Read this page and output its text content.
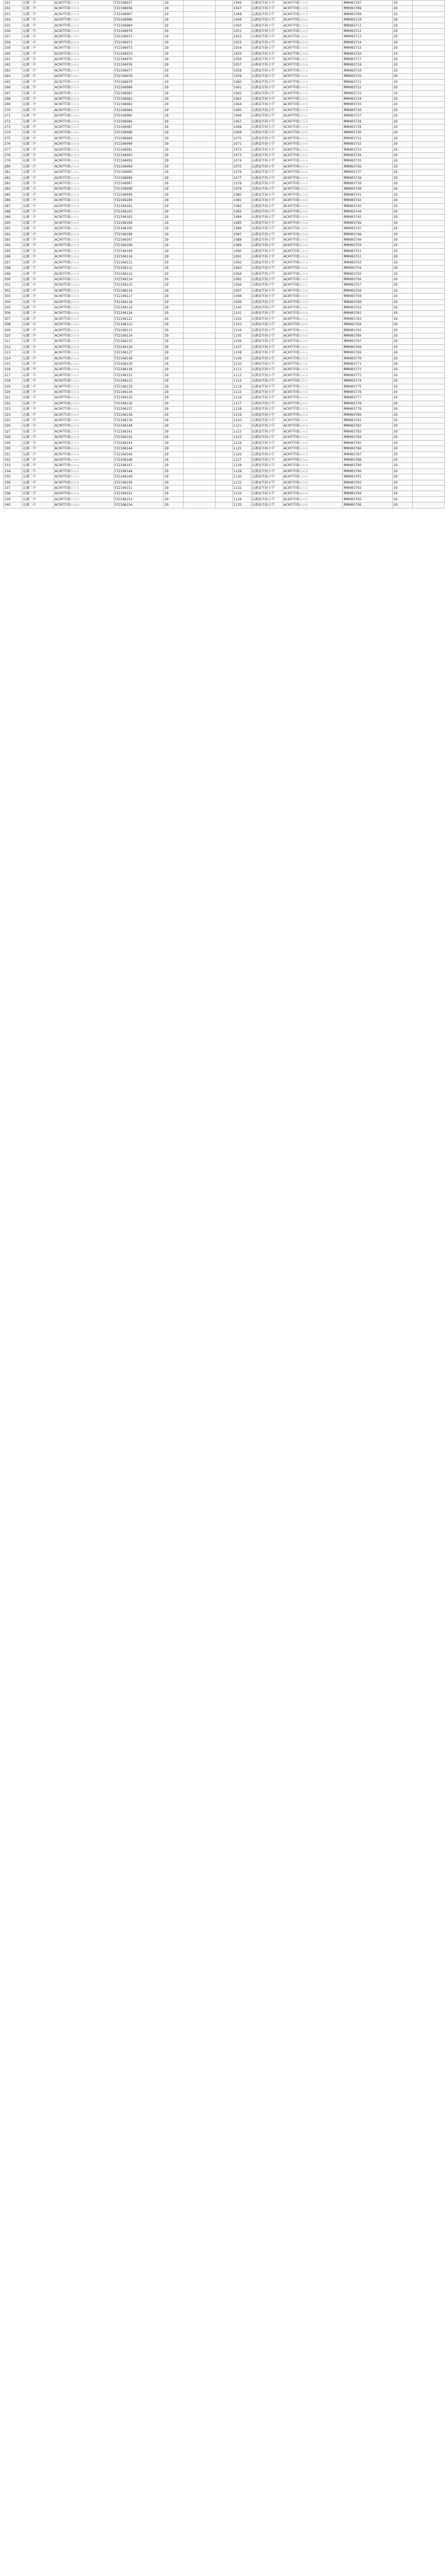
251	沁源二中	ACM7年级☆☆☆	FZ2106037	29			1046	沁源县实验小学	ACM7年级☆☆☆	RM0003707	29	
252	沁源二中	ACM7年级☆☆☆	FZ2106038	29			1047	沁源县实验小学	ACM7年级☆☆☆	RM0003708	29	
253	沁源二中	ACM7年级☆☆☆	FZ2106007	29			1048	沁源县实验小学	ACM7年级☆☆☆	RM0003709	29	
254	沁源二中	ACM7年级☆☆☆	FZ2106068	29			1049	沁源县实验小学	ACM7年级☆☆☆	RM0003710	29	
255	沁源二中	ACM7年级☆☆☆	FZ2106069	29			1050	沁源县实验小学	ACM7年级☆☆☆	RM0003711	29	
256	沁源二中	ACM7年级☆☆☆	FZ2106070	29			1051	沁源县实验小学	ACM7年级☆☆☆	RM0003712	29	
257	沁源二中	ACM7年级☆☆☆	FZ2106071	29			1052	沁源县实验小学	ACM7年级☆☆☆	RM0003713	29	
258	沁源二中	ACM7年级☆☆☆	FZ2106072	29			1053	沁源县实验小学	ACM7年级☆☆☆	RM0003714	29	
259	沁源二中	ACM7年级☆☆☆	FZ2106073	29			1054	沁源县实验小学	ACM7年级☆☆☆	RM0003715	29	
260	沁源二中	ACM7年级☆☆☆	FZ2106074	29			1055	沁源县实验小学	ACM7年级☆☆☆	RM0003716	29	
261	沁源二中	ACM7年级☆☆☆	FZ2106075	29			1056	沁源县实验小学	ACM7年级☆☆☆	RM0003717	29	
262	沁源二中	ACM7年级☆☆☆	FZ2106076	29			1057	沁源县实验小学	ACM7年级☆☆☆	RM0003718	29	
263	沁源二中	ACM7年级☆☆☆	FZ2106077	29			1058	沁源县实验小学	ACM7年级☆☆☆	RM0003719	29	
264	沁源二中	ACM7年级☆☆☆	FZ2106078	29			1059	沁源县实验小学	ACM7年级☆☆☆	RM0003720	29	
265	沁源二中	ACM7年级☆☆☆	FZ2106079	29			1060	沁源县实验小学	ACM7年级☆☆☆	RM0003721	29	
266	沁源二中	ACM7年级☆☆☆	FZ2106080	29			1061	沁源县实验小学	ACM7年级☆☆☆	RM0003722	29	
267	沁源二中	ACM7年级☆☆☆	FZ2106081	29			1062	沁源县实验小学	ACM7年级☆☆☆	RM0003723	29	
268	沁源二中	ACM7年级☆☆☆	FZ2106082	29			1063	沁源县实验小学	ACM7年级☆☆☆	RM0003724	29	
269	沁源二中	ACM7年级☆☆☆	FZ2106083	29			1064	沁源县实验小学	ACM7年级☆☆☆	RM0003725	29	
270	沁源二中	ACM7年级☆☆☆	FZ2106084	29			1065	沁源县实验小学	ACM7年级☆☆☆	RM0003726	29	
271	沁源二中	ACM7年级☆☆☆	FZ2106085	29			1066	沁源县实验小学	ACM7年级☆☆☆	RM0003727	29	
272	沁源二中	ACM7年级☆☆☆	FZ2106086	29			1067	沁源县实验小学	ACM7年级☆☆☆	RM0003728	29	
273	沁源二中	ACM7年级☆☆☆	FZ2106087	29			1068	沁源县实验小学	ACM7年级☆☆☆	RM0003729	29	
274	沁源二中	ACM7年级☆☆☆	FZ2106088	29			1069	沁源县实验小学	ACM7年级☆☆☆	RM0003730	29	
275	沁源二中	ACM7年级☆☆☆	FZ2106089	29			1070	沁源县实验小学	ACM7年级☆☆☆	RM0003731	29	
276	沁源二中	ACM7年级☆☆☆	FZ2106090	29			1071	沁源县实验小学	ACM7年级☆☆☆	RM0003732	29	
277	沁源二中	ACM7年级☆☆☆	FZ2106091	29			1072	沁源县实验小学	ACM7年级☆☆☆	RM0003733	29	
278	沁源二中	ACM7年级☆☆☆	FZ2106092	29			1073	沁源县实验小学	ACM7年级☆☆☆	RM0003734	29	
279	沁源二中	ACM7年级☆☆☆	FZ2106093	29			1074	沁源县实验小学	ACM7年级☆☆☆	RM0003735	29	
280	沁源二中	ACM7年级☆☆☆	FZ2106094	29			1075	沁源县实验小学	ACM7年级☆☆☆	RM0003736	29	
281	沁源二中	ACM7年级☆☆☆	FZ2106095	29			1076	沁源县实验小学	ACM7年级☆☆☆	RM0003737	29	
282	沁源二中	ACM7年级☆☆☆	FZ2106096	29			1077	沁源县实验小学	ACM7年级☆☆☆	RM0003738	29	
283	沁源二中	ACM7年级☆☆☆	FZ2106097	29			1078	沁源县实验小学	ACM7年级☆☆☆	RM0003739	29	
284	沁源二中	ACM7年级☆☆☆	FZ2106098	29			1079	沁源县实验小学	ACM7年级☆☆☆	RM0003740	29	
285	沁源二中	ACM7年级☆☆☆	FZ2106099	29			1080	沁源县实验小学	ACM7年级☆☆☆	RM0003741	29	
286	沁源二中	ACM7年级☆☆☆	FZ2106100	29			1081	沁源县实验小学	ACM7年级☆☆☆	RM0003742	29	
287	沁源二中	ACM7年级☆☆☆	FZ2106101	29			1082	沁源县实验小学	ACM7年级☆☆☆	RM0003743	29	
288	沁源二中	ACM7年级☆☆☆	FZ2106102	29			1083	沁源县实验小学	ACM7年级☆☆☆	RM0003744	29	
289	沁源二中	ACM7年级☆☆☆	FZ2106103	29			1084	沁源县实验小学	ACM7年级☆☆☆	RM0003745	29	
290	沁源二中	ACM7年级☆☆☆	FZ2106104	29			1085	沁源县实验小学	ACM7年级☆☆☆	RM0003746	29	
291	沁源二中	ACM7年级☆☆☆	FZ2106105	29			1086	沁源县实验小学	ACM7年级☆☆☆	RM0003747	29	
292	沁源二中	ACM7年级☆☆☆	FZ2106106	29			1087	沁源县实验小学	ACM7年级☆☆☆	RM0003748	29	
293	沁源二中	ACM7年级☆☆☆	FZ2106107	29			1088	沁源县实验小学	ACM7年级☆☆☆	RM0003749	29	
294	沁源二中	ACM7年级☆☆☆	FZ2106108	29			1089	沁源县实验小学	ACM7年级☆☆☆	RM0003750	29	
295	沁源二中	ACM7年级☆☆☆	FZ2106109	29			1090	沁源县实验小学	ACM7年级☆☆☆	RM0003751	29	
296	沁源二中	ACM7年级☆☆☆	FZ2106110	29			1091	沁源县实验小学	ACM7年级☆☆☆	RM0003752	29	
297	沁源二中	ACM7年级☆☆☆	FZ2106111	29			1092	沁源县实验小学	ACM7年级☆☆☆	RM0003753	29	
298	沁源二中	ACM7年级☆☆☆	FZ2106112	29			1093	沁源县实验小学	ACM7年级☆☆☆	RM0003754	29	
299	沁源二中	ACM7年级☆☆☆	FZ2106113	29			1094	沁源县实验小学	ACM7年级☆☆☆	RM0003755	29	
300	沁源二中	ACM7年级☆☆☆	FZ2106114	29			1095	沁源县实验小学	ACM7年级☆☆☆	RM0003756	29	
301	沁源二中	ACM7年级☆☆☆	FZ2106115	29			1096	沁源县实验小学	ACM7年级☆☆☆	RM0003757	29	
302	沁源二中	ACM7年级☆☆☆	FZ2106116	29			1097	沁源县实验小学	ACM7年级☆☆☆	RM0003758	29	
303	沁源二中	ACM7年级☆☆☆	FZ2106117	29			1098	沁源县实验小学	ACM7年级☆☆☆	RM0003759	29	
304	沁源二中	ACM7年级☆☆☆	FZ2106118	29			1099	沁源县实验小学	ACM7年级☆☆☆	RM0003760	29	
305	沁源二中	ACM7年级☆☆☆	FZ2106119	29			1100	沁源县实验小学	ACM7年级☆☆☆	RM0003761	29	
306	沁源二中	ACM7年级☆☆☆	FZ2106120	29			1101	沁源县实验小学	ACM7年级☆☆☆	RM0003762	29	
307	沁源二中	ACM7年级☆☆☆	FZ2106121	29			1102	沁源县实验小学	ACM7年级☆☆☆	RM0003763	29	
308	沁源二中	ACM7年级☆☆☆	FZ2106122	29			1103	沁源县实验小学	ACM7年级☆☆☆	RM0003764	29	
309	沁源二中	ACM7年级☆☆☆	FZ2106123	29			1104	沁源县实验小学	ACM7年级☆☆☆	RM0003765	29	
310	沁源二中	ACM7年级☆☆☆	FZ2106124	29			1105	沁源县实验小学	ACM7年级☆☆☆	RM0003766	29	
311	沁源二中	ACM7年级☆☆☆	FZ2106125	29			1106	沁源县实验小学	ACM7年级☆☆☆	RM0003767	29	
312	沁源二中	ACM7年级☆☆☆	FZ2106126	29			1107	沁源县实验小学	ACM7年级☆☆☆	RM0003768	29	
313	沁源二中	ACM7年级☆☆☆	FZ2106127	29			1108	沁源县实验小学	ACM7年级☆☆☆	RM0003769	29	
314	沁源二中	ACM7年级☆☆☆	FZ2106128	29			1109	沁源县实验小学	ACM7年级☆☆☆	RM0003770	29	
315	沁源二中	ACM7年级☆☆☆	FZ2106129	29			1110	沁源县实验小学	ACM7年级☆☆☆	RM0003771	29	
316	沁源二中	ACM7年级☆☆☆	FZ2106130	29			1111	沁源县实验小学	ACM7年级☆☆☆	RM0003772	29	
317	沁源二中	ACM7年级☆☆☆	FZ2106131	29			1112	沁源县实验小学	ACM7年级☆☆☆	RM0003773	29	
318	沁源二中	ACM7年级☆☆☆	FZ2106132	29			1113	沁源县实验小学	ACM7年级☆☆☆	RM0003774	29	
319	沁源二中	ACM7年级☆☆☆	FZ2106133	29			1114	沁源县实验小学	ACM7年级☆☆☆	RM0003775	29	
320	沁源二中	ACM7年级☆☆☆	FZ2106134	29			1115	沁源县实验小学	ACM7年级☆☆☆	RM0003776	29	
321	沁源二中	ACM7年级☆☆☆	FZ2106135	29			1116	沁源县实验小学	ACM7年级☆☆☆	RM0003777	29	
322	沁源二中	ACM7年级☆☆☆	FZ2106136	29			1117	沁源县实验小学	ACM7年级☆☆☆	RM0003778	29	
323	沁源二中	ACM7年级☆☆☆	FZ2106137	29			1118	沁源县实验小学	ACM7年级☆☆☆	RM0003779	29	
324	沁源二中	ACM7年级☆☆☆	FZ2106138	29			1119	沁源县实验小学	ACM7年级☆☆☆	RM0003780	29	
325	沁源二中	ACM7年级☆☆☆	FZ2106139	29			1120	沁源县实验小学	ACM7年级☆☆☆	RM0003781	29	
326	沁源二中	ACM7年级☆☆☆	FZ2106140	29			1121	沁源县实验小学	ACM7年级☆☆☆	RM0003782	29	
327	沁源二中	ACM7年级☆☆☆	FZ2106141	29			1122	沁源县实验小学	ACM7年级☆☆☆	RM0003783	29	
328	沁源二中	ACM7年级☆☆☆	FZ2106142	29			1123	沁源县实验小学	ACM7年级☆☆☆	RM0003784	29	
329	沁源二中	ACM7年级☆☆☆	FZ2106143	29			1124	沁源县实验小学	ACM7年级☆☆☆	RM0003785	29	
330	沁源二中	ACM7年级☆☆☆	FZ2106144	29			1125	沁源县实验小学	ACM7年级☆☆☆	RM0003786	29	
331	沁源二中	ACM7年级☆☆☆	FZ2106145	29			1126	沁源县实验小学	ACM7年级☆☆☆	RM0003787	29	
332	沁源二中	ACM7年级☆☆☆	FZ2106146	29			1127	沁源县实验小学	ACM7年级☆☆☆	RM0003788	29	
333	沁源二中	ACM7年级☆☆☆	FZ2106147	29			1128	沁源县实验小学	ACM7年级☆☆☆	RM0003789	29	
334	沁源二中	ACM7年级☆☆☆	FZ2106148	29			1129	沁源县实验小学	ACM7年级☆☆☆	RM0003790	29	
335	沁源二中	ACM7年级☆☆☆	FZ2106149	29			1130	沁源县实验小学	ACM7年级☆☆☆	RM0003791	29	
336	沁源二中	ACM7年级☆☆☆	FZ2106150	29			1131	沁源县实验小学	ACM7年级☆☆☆	RM0003792	29	
337	沁源二中	ACM7年级☆☆☆	FZ2106151	29			1132	沁源县实验小学	ACM7年级☆☆☆	RM0003793	29	
338	沁源二中	ACM7年级☆☆☆	FZ2106152	29			1133	沁源县实验小学	ACM7年级☆☆☆	RM0003794	29	
339	沁源二中	ACM7年级☆☆☆	FZ2106153	29			1134	沁源县实验小学	ACM7年级☆☆☆	RM0003795	29	
340	沁源二中	ACM7年级☆☆☆	FZ2106154	29			1135	沁源县实验小学	ACM7年级☆☆☆	RM0003796	29	
